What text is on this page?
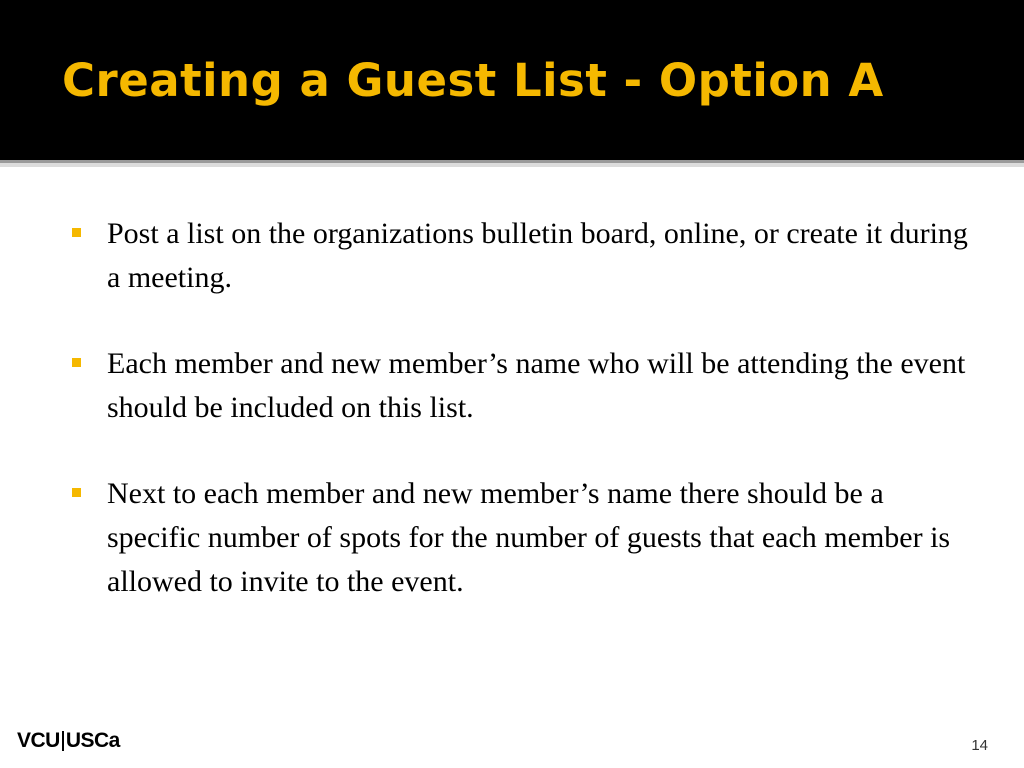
Creating a Guest List - Option A
Post a list on the organizations bulletin board, online, or create it during a meeting.
Each member and new member’s name who will be attending the event should be included on this list.
Next to each member and new member’s name there should be a specific number of spots for the number of guests that each member is allowed to invite to the event.
VCU USCa	14
